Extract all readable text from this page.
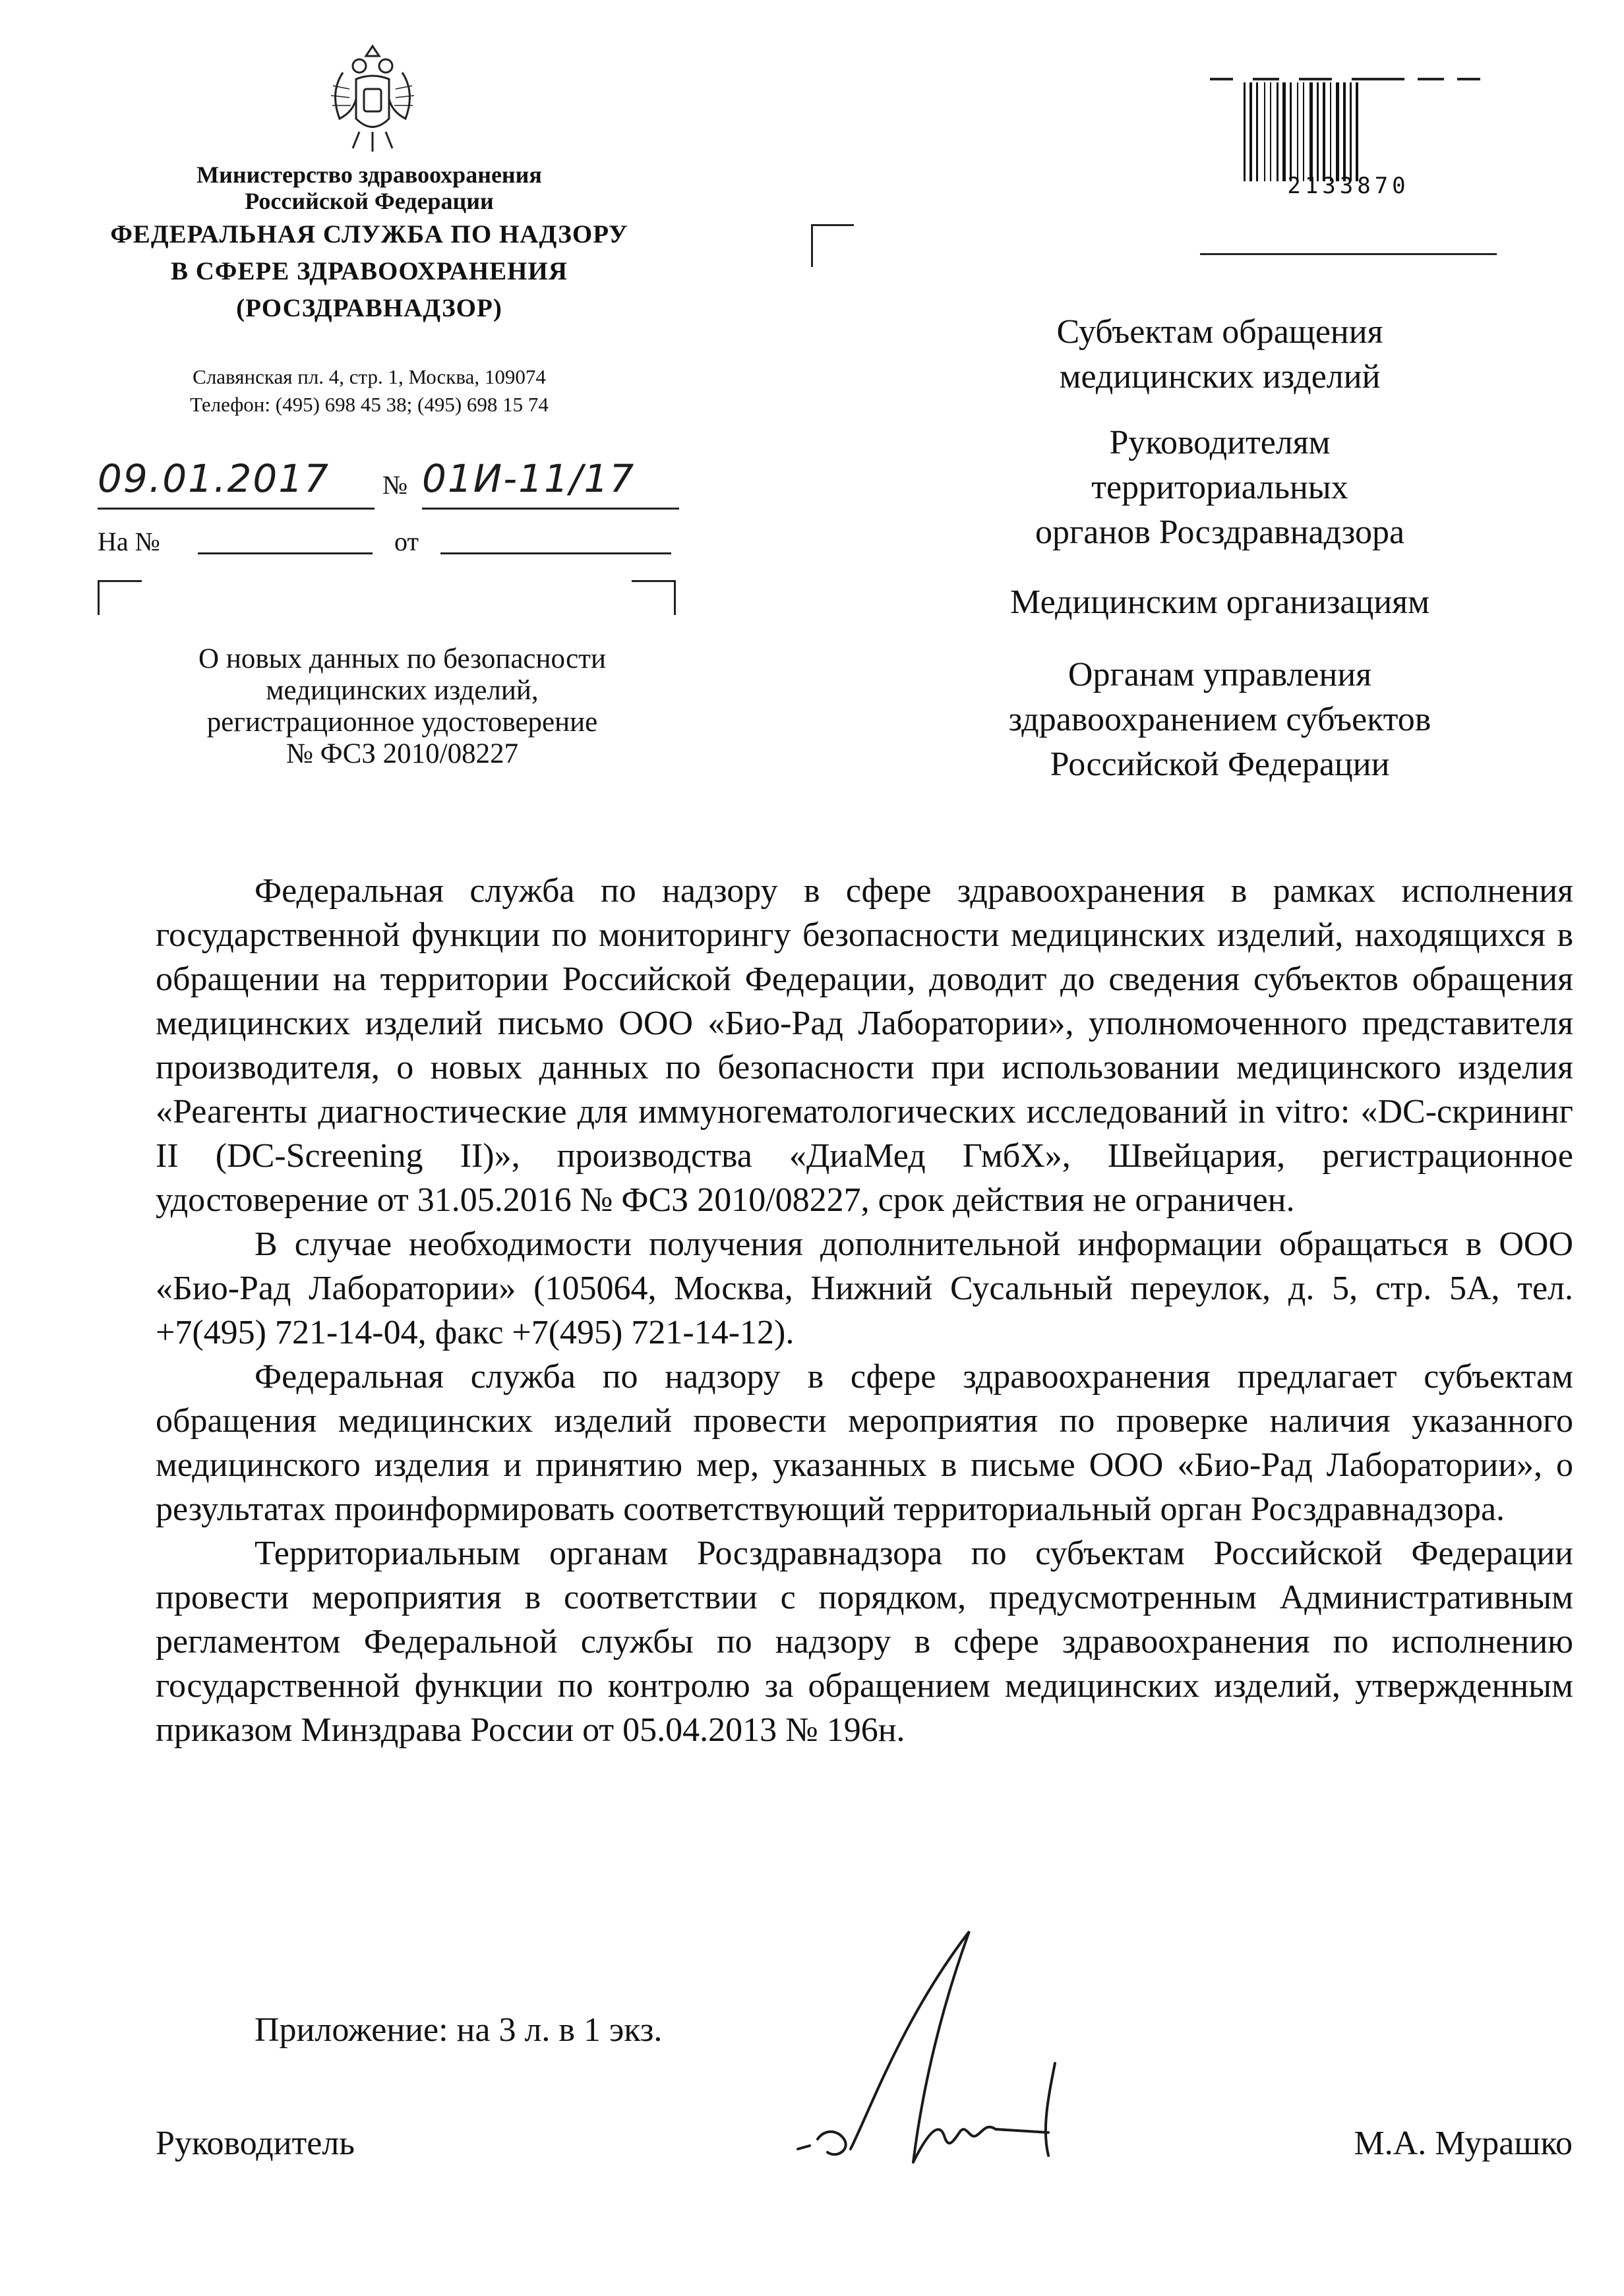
Министерство здравоохранения
Российской Федерации
ФЕДЕРАЛЬНАЯ СЛУЖБА ПО НАДЗОРУ
В СФЕРЕ ЗДРАВООХРАНЕНИЯ
(РОСЗДРАВНАДЗОР)
Славянская пл. 4, стр. 1, Москва, 109074
Телефон: (495) 698 45 38; (495) 698 15 74
09.01.2017	№ 01И-11/17
На №	от
О новых данных по безопасности
медицинских изделий,
регистрационное удостоверение
№ ФСЗ 2010/08227
2133870
Субъектам обращения
медицинских изделий
Руководителям
территориальных
органов Росздравнадзора
Медицинским организациям
Органам управления
здравоохранением субъектов
Российской Федерации

Федеральная служба по надзору в сфере здравоохранения в рамках исполнения государственной функции по мониторингу безопасности медицинских изделий, находящихся в обращении на территории Российской Федерации, доводит до сведения субъектов обращения медицинских изделий письмо ООО «Био-Рад Лаборатории», уполномоченного представителя производителя, о новых данных по безопасности при использовании медицинского изделия «Реагенты диагностические для иммуногематологических исследований in vitro: «DC-скрининг II (DC-Screening II)», производства «ДиаМед ГмбХ», Швейцария, регистрационное удостоверение от 31.05.2016 № ФСЗ 2010/08227, срок действия не ограничен.

В случае необходимости получения дополнительной информации обращаться в ООО «Био-Рад Лаборатории» (105064, Москва, Нижний Сусальный переулок, д. 5, стр. 5А, тел. +7(495) 721-14-04, факс +7(495) 721-14-12).

Федеральная служба по надзору в сфере здравоохранения предлагает субъектам обращения медицинских изделий провести мероприятия по проверке наличия указанного медицинского изделия и принятию мер, указанных в письме ООО «Био-Рад Лаборатории», о результатах проинформировать соответствующий территориальный орган Росздравнадзора.

Территориальным органам Росздравнадзора по субъектам Российской Федерации провести мероприятия в соответствии с порядком, предусмотренным Административным регламентом Федеральной службы по надзору в сфере здравоохранения по исполнению государственной функции по контролю за обращением медицинских изделий, утвержденным приказом Минздрава России от 05.04.2013 № 196н.

Приложение: на 3 л. в 1 экз.
Руководитель	М.А. Мурашко
